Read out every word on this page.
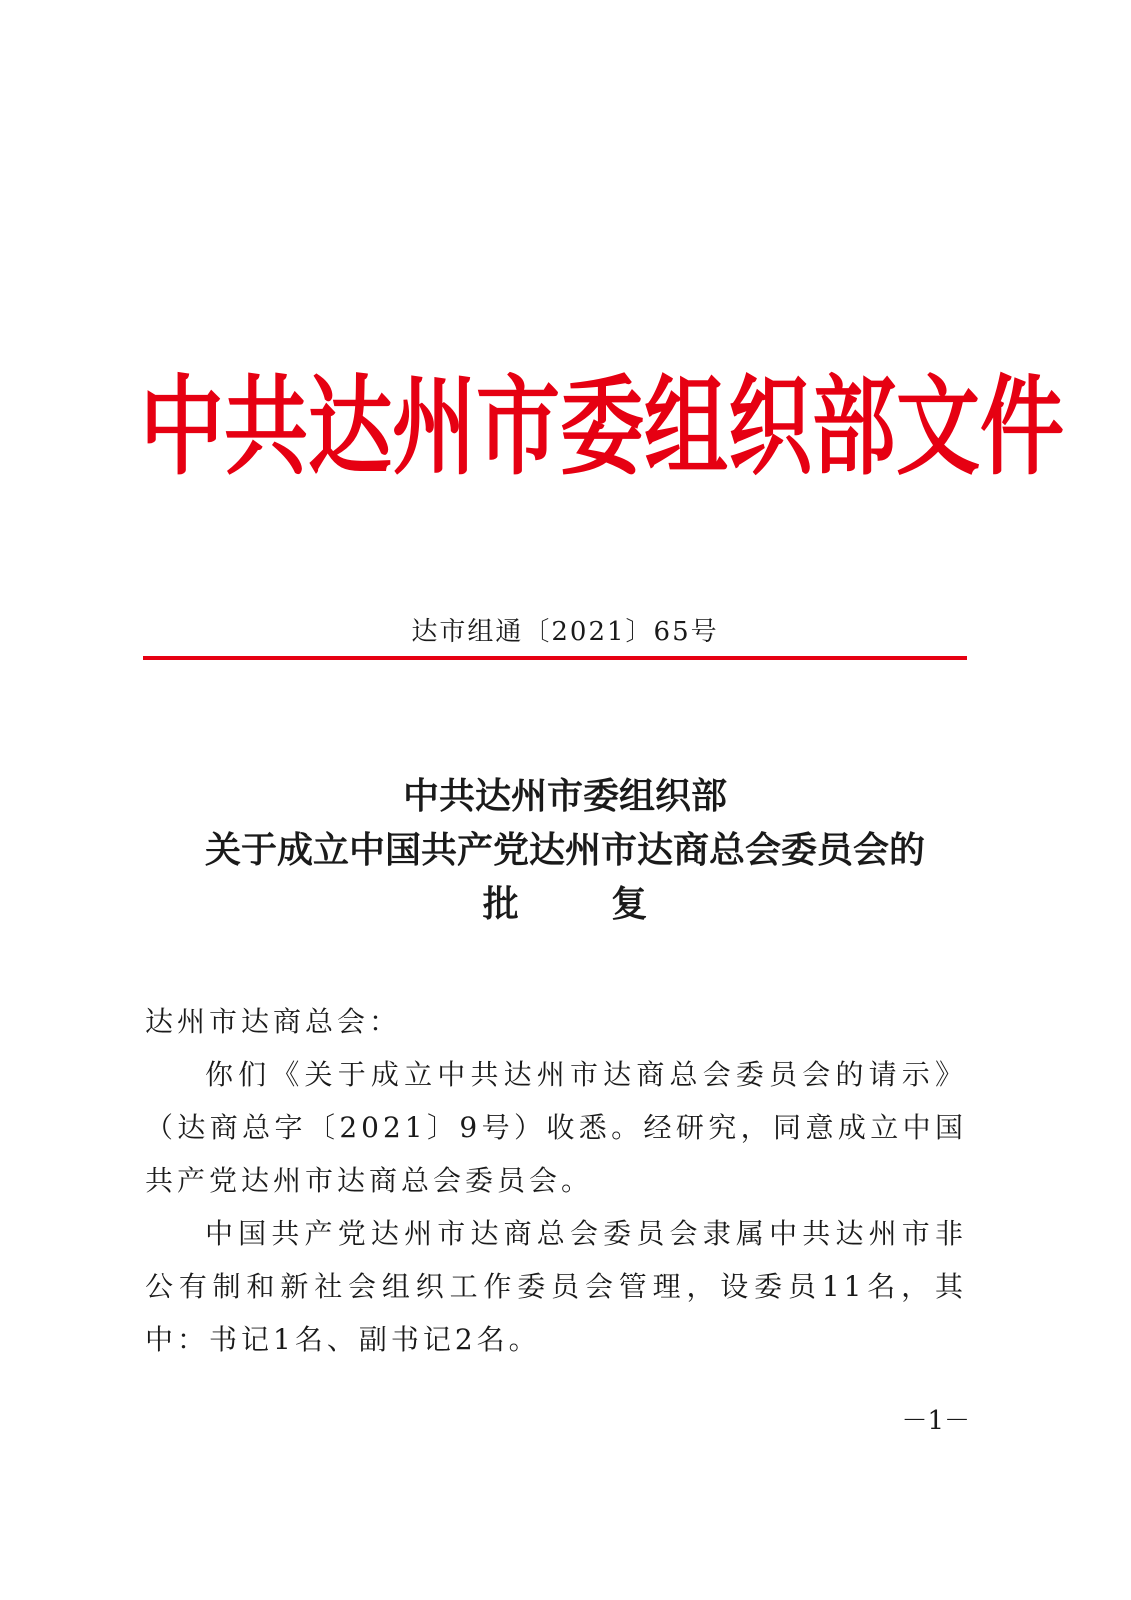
中共达州市委组织部文件
达市组通〔2021〕65号
中共达州市委组织部
关于成立中国共产党达州市达商总会委员会的
批 复

达州市达商总会：

你们《关于成立中共达州市达商总会委员会的请示》（达商总字〔2021〕9号）收悉。经研究，同意成立中国共产党达州市达商总会委员会。

中国共产党达州市达商总会委员会隶属中共达州市非公有制和新社会组织工作委员会管理，设委员11名，其中：书记1名、副书记2名。

－1－
